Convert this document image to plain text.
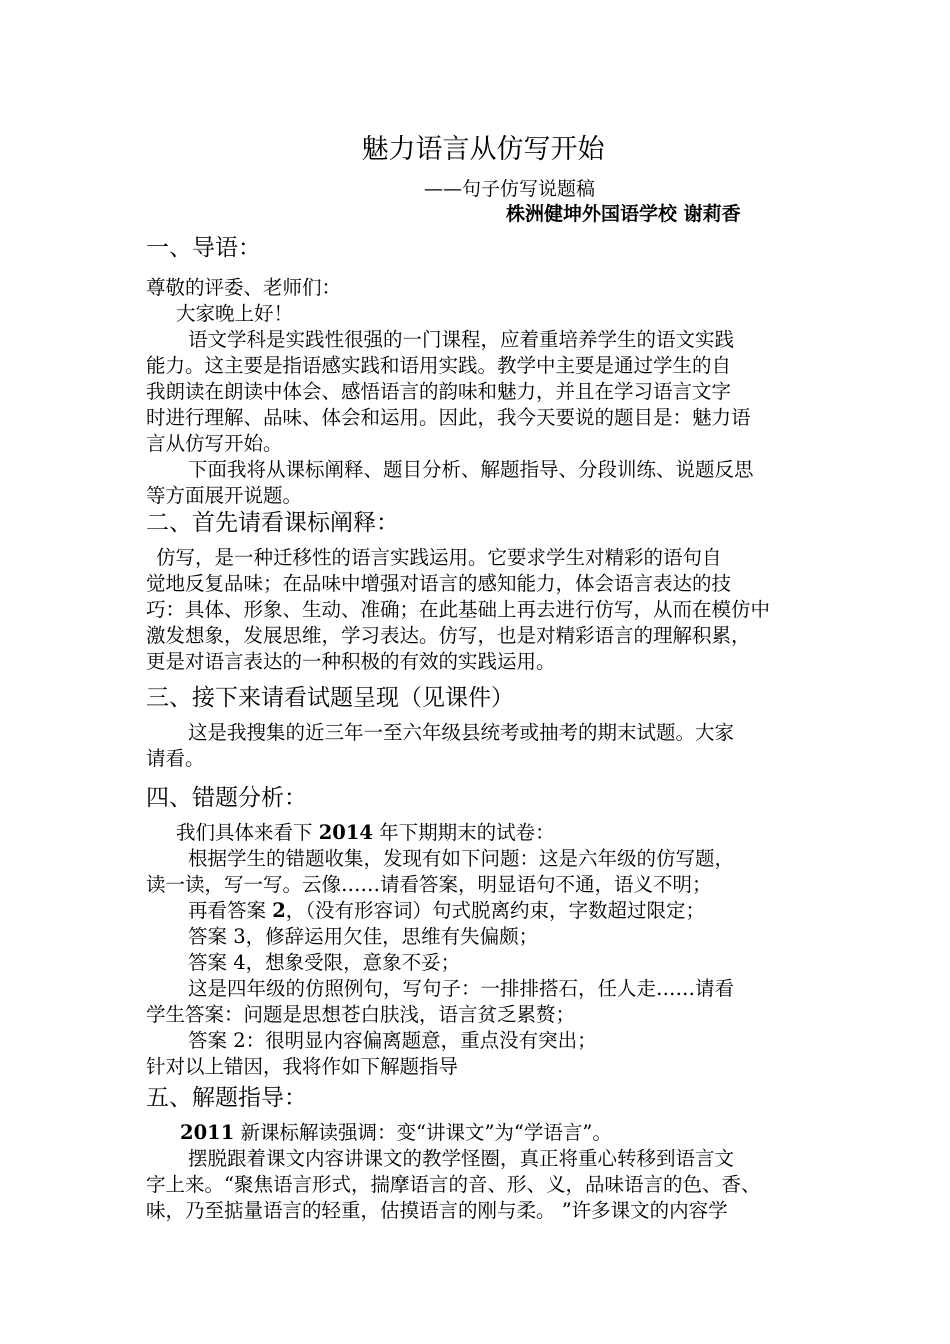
魅力语言从仿写开始
——句子仿写说题稿
株洲健坤外国语学校 谢莉香
一、导语：
尊敬的评委、老师们：
大家晚上好！
语文学科是实践性很强的一门课程，应着重培养学生的语文实践
能力。这主要是指语感实践和语用实践。教学中主要是通过学生的自
我朗读在朗读中体会、感悟语言的韵味和魅力，并且在学习语言文字
时进行理解、品味、体会和运用。因此，我今天要说的题目是：魅力语
言从仿写开始。
下面我将从课标阐释、题目分析、解题指导、分段训练、说题反思
等方面展开说题。
二、首先请看课标阐释：
仿写，是一种迁移性的语言实践运用。它要求学生对精彩的语句自
觉地反复品味；在品味中增强对语言的感知能力，体会语言表达的技
巧：具体、形象、生动、准确；在此基础上再去进行仿写，从而在模仿中
激发想象，发展思维，学习表达。仿写，也是对精彩语言的理解积累，
更是对语言表达的一种积极的有效的实践运用。
三、接下来请看试题呈现（见课件）
这是我搜集的近三年一至六年级县统考或抽考的期末试题。大家
请看。
四、错题分析：
我们具体来看下 2014 年下期期末的试卷：
根据学生的错题收集，发现有如下问题：这是六年级的仿写题，
读一读，写一写。云像……请看答案，明显语句不通，语义不明；
再看答案 2，（没有形容词）句式脱离约束，字数超过限定；
答案 3，修辞运用欠佳，思维有失偏颇；
答案 4，想象受限，意象不妥；
这是四年级的仿照例句，写句子：一排排搭石，任人走……请看
学生答案：问题是思想苍白肤浅，语言贫乏累赘；
答案 2：很明显内容偏离题意，重点没有突出；
针对以上错因，我将作如下解题指导
五、解题指导：
2011 新课标解读强调：变“讲课文”为“学语言”。
摆脱跟着课文内容讲课文的教学怪圈，真正将重心转移到语言文
字上来。“聚焦语言形式，揣摩语言的音、形、义，品味语言的色、香、
味，乃至掂量语言的轻重，估摸语言的刚与柔。 ”许多课文的内容学
